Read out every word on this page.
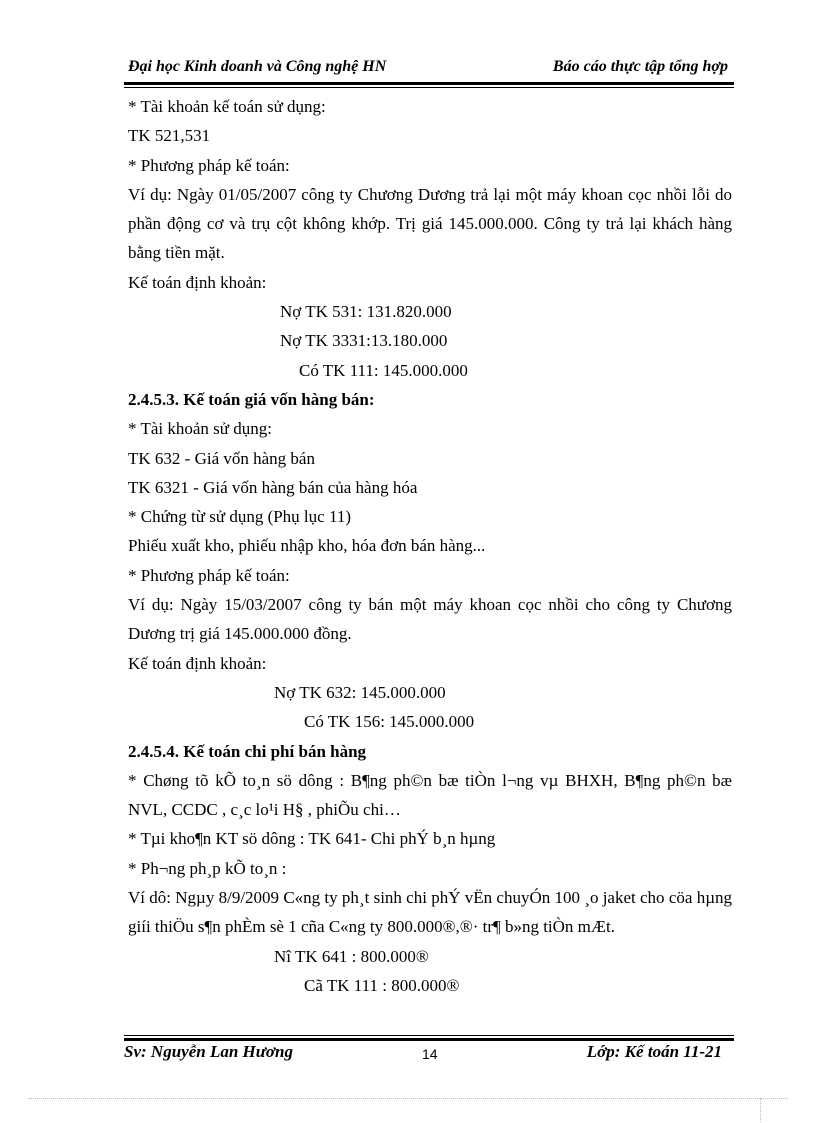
Đại học Kinh doanh và Công nghệ HN	Báo cáo thực tập tổng hợp

* Tài khoản kế toán sử dụng:

TK 521,531

* Phương pháp kế toán:

Ví dụ: Ngày 01/05/2007 công ty Chương Dương trả lại một máy khoan cọc nhồi lỗi do phần động cơ và trụ cột không khớp. Trị giá 145.000.000. Công ty trả lại khách hàng bằng tiền mặt.

Kế toán định khoản:

Nợ TK 531: 131.820.000

Nợ TK 3331:13.180.000

Có TK 111: 145.000.000

2.4.5.3. Kế toán giá vốn hàng bán:

* Tài khoản sử dụng:

TK 632 - Giá vốn hàng bán

TK 6321 - Giá vốn hàng bán của hàng hóa

* Chứng từ sử dụng (Phụ lục 11)

Phiếu xuất kho, phiếu nhập kho, hóa đơn bán hàng...

* Phương pháp kế toán:

Ví dụ: Ngày 15/03/2007 công ty bán một máy khoan cọc nhồi cho công ty Chương Dương trị giá 145.000.000 đồng.

Kế toán định khoản:

Nợ TK 632: 145.000.000

Có TK 156: 145.000.000

2.4.5.4. Kế toán chi phí bán hàng

* Chøng tõ kÕ to¸n sö dông : B¶ng ph©n bæ tiÒn l¬ng vµ BHXH, B¶ng ph©n bæ NVL, CCDC , c¸c lo¹i H§ , phiÕu chi…

* Tµi kho¶n KT sö dông : TK 641- Chi phÝ b¸n hµng

* Ph¬ng ph¸p kÕ to¸n :

Ví dô: Ngµy 8/9/2009 C«ng ty ph¸t sinh chi phÝ vËn chuyÓn 100 ¸o jaket cho cöa hµng giíi thiÖu s¶n phÈm sè 1 cña C«ng ty 800.000®,®· tr¶ b»ng tiÒn mÆt.

Nî TK 641 : 800.000®

Cã TK 111 : 800.000®

Sv: Nguyễn Lan Hương	14	Lớp: Kế toán 11-21
